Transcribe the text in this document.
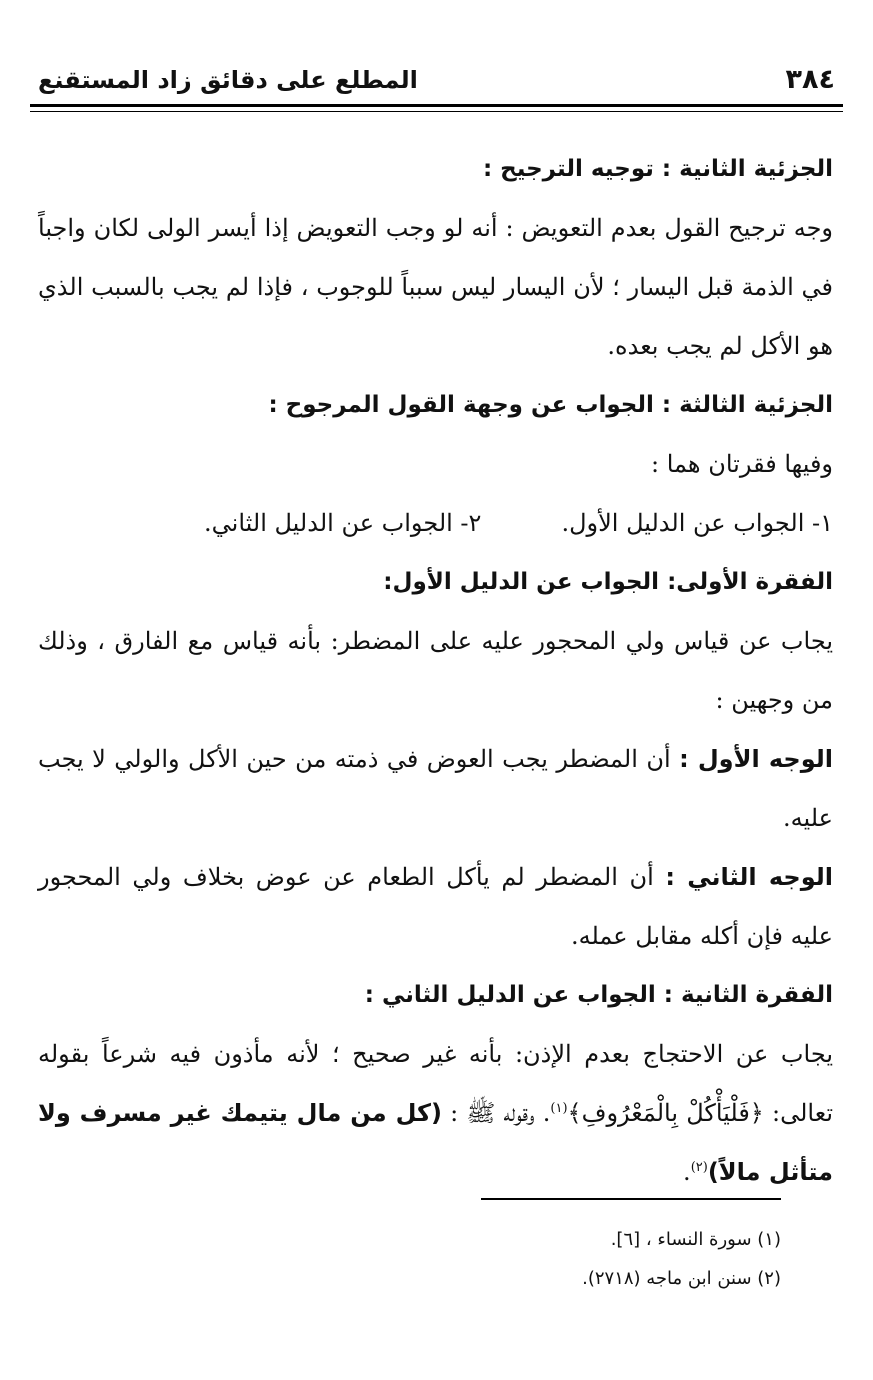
المطلع على دقائق زاد المستقنع	٣٨٤

الجزئية الثانية : توجيه الترجيح :

وجه ترجيح القول بعدم التعويض : أنه لو وجب التعويض إذا أيسر الولى لكان واجباً في الذمة قبل اليسار ؛ لأن اليسار ليس سبباً للوجوب ، فإذا لم يجب بالسبب الذي هو الأكل لم يجب بعده.

الجزئية الثالثة : الجواب عن وجهة القول المرجوح :

وفيها فقرتان هما :

١- الجواب عن الدليل الأول.
٢- الجواب عن الدليل الثاني.

الفقرة الأولى: الجواب عن الدليل الأول:

يجاب عن قياس ولي المحجور عليه على المضطر: بأنه قياس مع الفارق ، وذلك من وجهين :

الوجه الأول : أن المضطر يجب العوض في ذمته من حين الأكل والولي لا يجب عليه.

الوجه الثاني : أن المضطر لم يأكل الطعام عن عوض بخلاف ولي المحجور عليه فإن أكله مقابل عمله.

الفقرة الثانية : الجواب عن الدليل الثاني :

يجاب عن الاحتجاج بعدم الإذن: بأنه غير صحيح ؛ لأنه مأذون فيه شرعاً بقوله تعالى: ﴿فَلْيَأْكُلْ بِالْمَعْرُوفِ﴾$^{(١)}$. وقوله ﷺ : (كل من مال يتيمك غير مسرف ولا متأثل مالاً)$^{(٢)}$.

(١) سورة النساء ، [٦].

(٢) سنن ابن ماجه (٢٧١٨).
